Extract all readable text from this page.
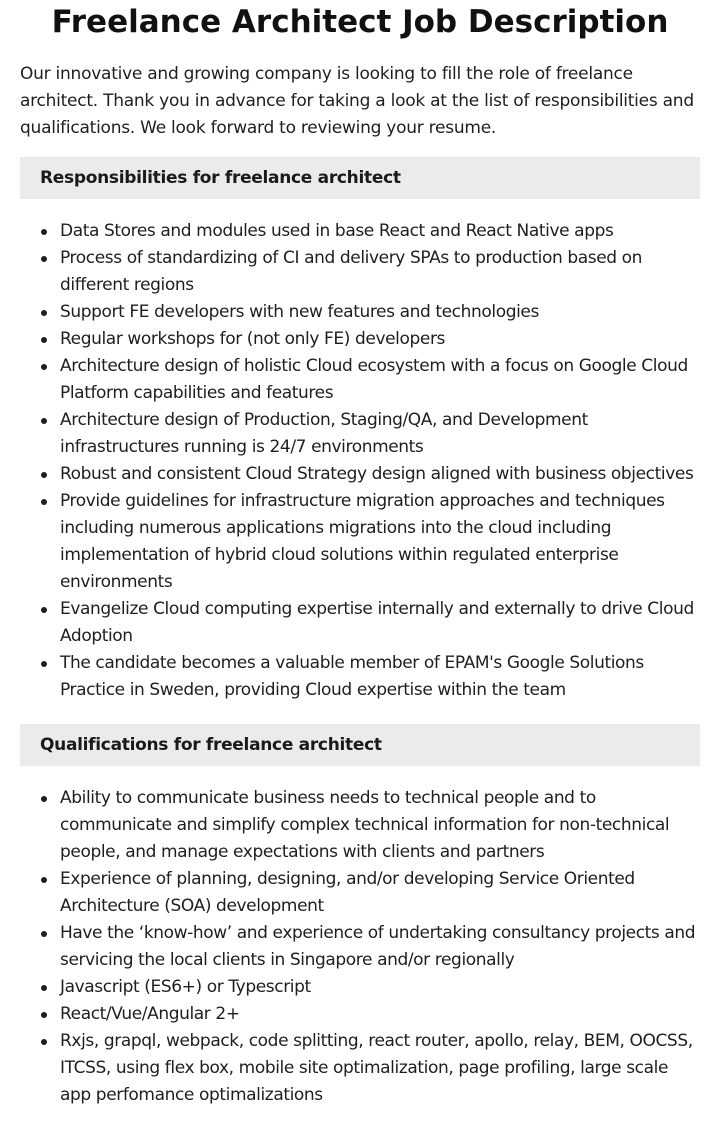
Freelance Architect Job Description

Our innovative and growing company is looking to fill the role of freelance architect. Thank you in advance for taking a look at the list of responsibilities and qualifications. We look forward to reviewing your resume.

Responsibilities for freelance architect
Data Stores and modules used in base React and React Native apps
Process of standardizing of CI and delivery SPAs to production based on different regions
Support FE developers with new features and technologies
Regular workshops for (not only FE) developers
Architecture design of holistic Cloud ecosystem with a focus on Google Cloud Platform capabilities and features
Architecture design of Production, Staging/QA, and Development infrastructures running is 24/7 environments
Robust and consistent Cloud Strategy design aligned with business objectives
Provide guidelines for infrastructure migration approaches and techniques including numerous applications migrations into the cloud including implementation of hybrid cloud solutions within regulated enterprise environments
Evangelize Cloud computing expertise internally and externally to drive Cloud Adoption
The candidate becomes a valuable member of EPAM's Google Solutions Practice in Sweden, providing Cloud expertise within the team
Qualifications for freelance architect
Ability to communicate business needs to technical people and to communicate and simplify complex technical information for non-technical people, and manage expectations with clients and partners
Experience of planning, designing, and/or developing Service Oriented Architecture (SOA) development
Have the ‘know-how’ and experience of undertaking consultancy projects and servicing the local clients in Singapore and/or regionally
Javascript (ES6+) or Typescript
React/Vue/Angular 2+
Rxjs, grapql, webpack, code splitting, react router, apollo, relay, BEM, OOCSS, ITCSS, using flex box, mobile site optimalization, page profiling, large scale app perfomance optimalizations
